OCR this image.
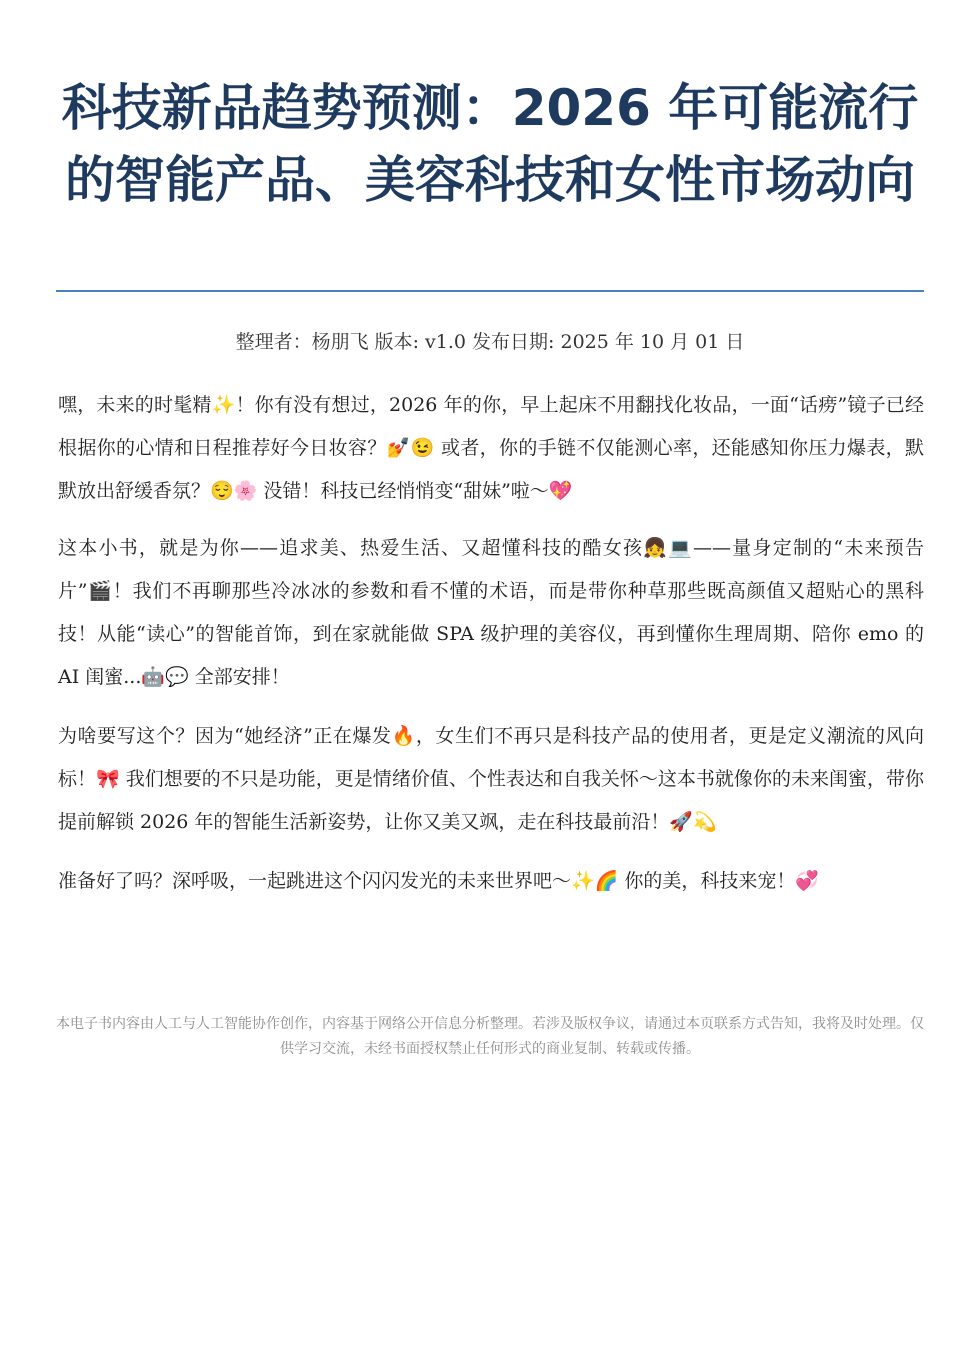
科技新品趋势预测：2026 年可能流行的智能产品、美容科技和女性市场动向
整理者：杨朋飞 版本: v1.0 发布日期: 2025 年 10 月 01 日

嘿，未来的时髦精✨！你有没有想过，2026 年的你，早上起床不用翻找化妆品，一面“话痨”镜子已经根据你的心情和日程推荐好今日妆容？💅😉 或者，你的手链不仅能测心率，还能感知你压力爆表，默默放出舒缓香氛？😌🌸 没错！科技已经悄悄变“甜妹”啦～💖

这本小书，就是为你——追求美、热爱生活、又超懂科技的酷女孩👧💻——量身定制的“未来预告片”🎬！我们不再聊那些冷冰冰的参数和看不懂的术语，而是带你种草那些既高颜值又超贴心的黑科技！从能“读心”的智能首饰，到在家就能做 SPA 级护理的美容仪，再到懂你生理周期、陪你 emo 的 AI 闺蜜...🤖💬 全部安排！

为啥要写这个？因为“她经济”正在爆发🔥，女生们不再只是科技产品的使用者，更是定义潮流的风向标！🎀 我们想要的不只是功能，更是情绪价值、个性表达和自我关怀～这本书就像你的未来闺蜜，带你提前解锁 2026 年的智能生活新姿势，让你又美又飒，走在科技最前沿！🚀💫

准备好了吗？深呼吸，一起跳进这个闪闪发光的未来世界吧～✨🌈 你的美，科技来宠！💞

本电子书内容由人工与人工智能协作创作，内容基于网络公开信息分析整理。若涉及版权争议，请通过本页联系方式告知，我将及时处理。仅供学习交流，未经书面授权禁止任何形式的商业复制、转载或传播。
